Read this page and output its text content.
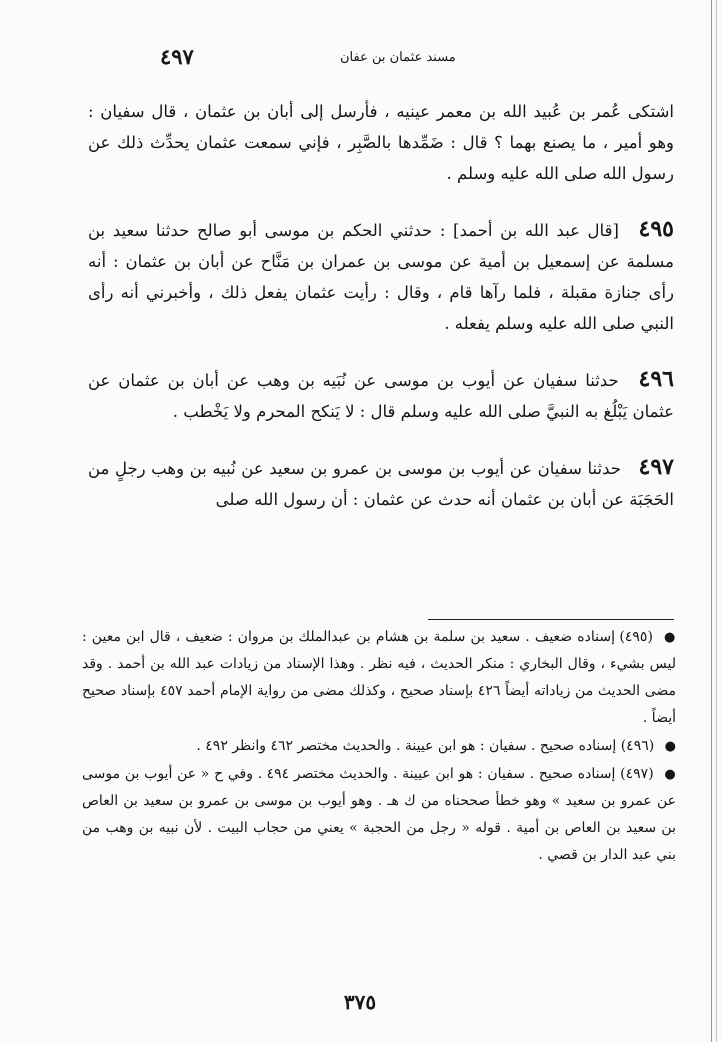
مسند عثمان بن عفان
٤٩٧

اشتكى عُمر بن عُبيد الله بن معمر عينيه ، فأرسل إلى أبان بن عثمان ، قال سفيان : وهو أمير ، ما يصنع بهما ؟ قال : ضَمِّدها بالصَّبِر ، فإني سمعت عثمان يحدِّث ذلك عن رسول الله صلى الله عليه وسلم .

٤٩٥ [قال عبد الله بن أحمد] : حدثني الحكم بن موسى أبو صالح حدثنا سعيد بن مسلمة عن إسمعيل بن أمية عن موسى بن عمران بن مَنَّاح عن أبان بن عثمان : أنه رأى جنازة مقبلة ، فلما رآها قام ، وقال : رأيت عثمان يفعل ذلك ، وأخبرني أنه رأى النبي صلى الله عليه وسلم يفعله .

٤٩٦ حدثنا سفيان عن أيوب بن موسى عن نُبَيه بن وهب عن أبان بن عثمان عن عثمان يَبْلُغ به النبيَّ صلى الله عليه وسلم قال : لا يَنكح المحرم ولا يَخْطب .

٤٩٧ حدثنا سفيان عن أيوب بن موسى بن عمرو بن سعيد عن نُبيه بن وهب رجلٍ من الحَجَبَة عن أبان بن عثمان أنه حدث عن عثمان : أن رسول الله صلى

● (٤٩٥) إسناده ضعيف . سعيد بن سلمة بن هشام بن عبدالملك بن مروان : ضعيف ، قال ابن معين : ليس بشيء ، وقال البخاري : منكر الحديث ، فيه نظر . وهذا الإسناد من زيادات عبد الله بن أحمد . وقد مضى الحديث من زياداته أيضاً ٤٢٦ بإسناد صحيح ، وكذلك مضى من رواية الإمام أحمد ٤٥٧ بإسناد صحيح أيضاً .

● (٤٩٦) إسناده صحيح . سفيان : هو ابن عيينة . والحديث مختصر ٤٦٢ وانظر ٤٩٢ .

● (٤٩٧) إسناده صحيح . سفيان : هو ابن عيينة . والحديث مختصر ٤٩٤ . وفي ح « عن أيوب بن موسى عن عمرو بن سعيد » وهو خطأ صححناه من ك هـ . وهو أيوب بن موسى بن عمرو بن سعيد بن العاص بن سعيد بن العاص بن أمية . قوله « رجل من الحجبة » يعني من حجاب البيت . لأن نبيه بن وهب من بني عبد الدار بن قصي .

٣٧٥
